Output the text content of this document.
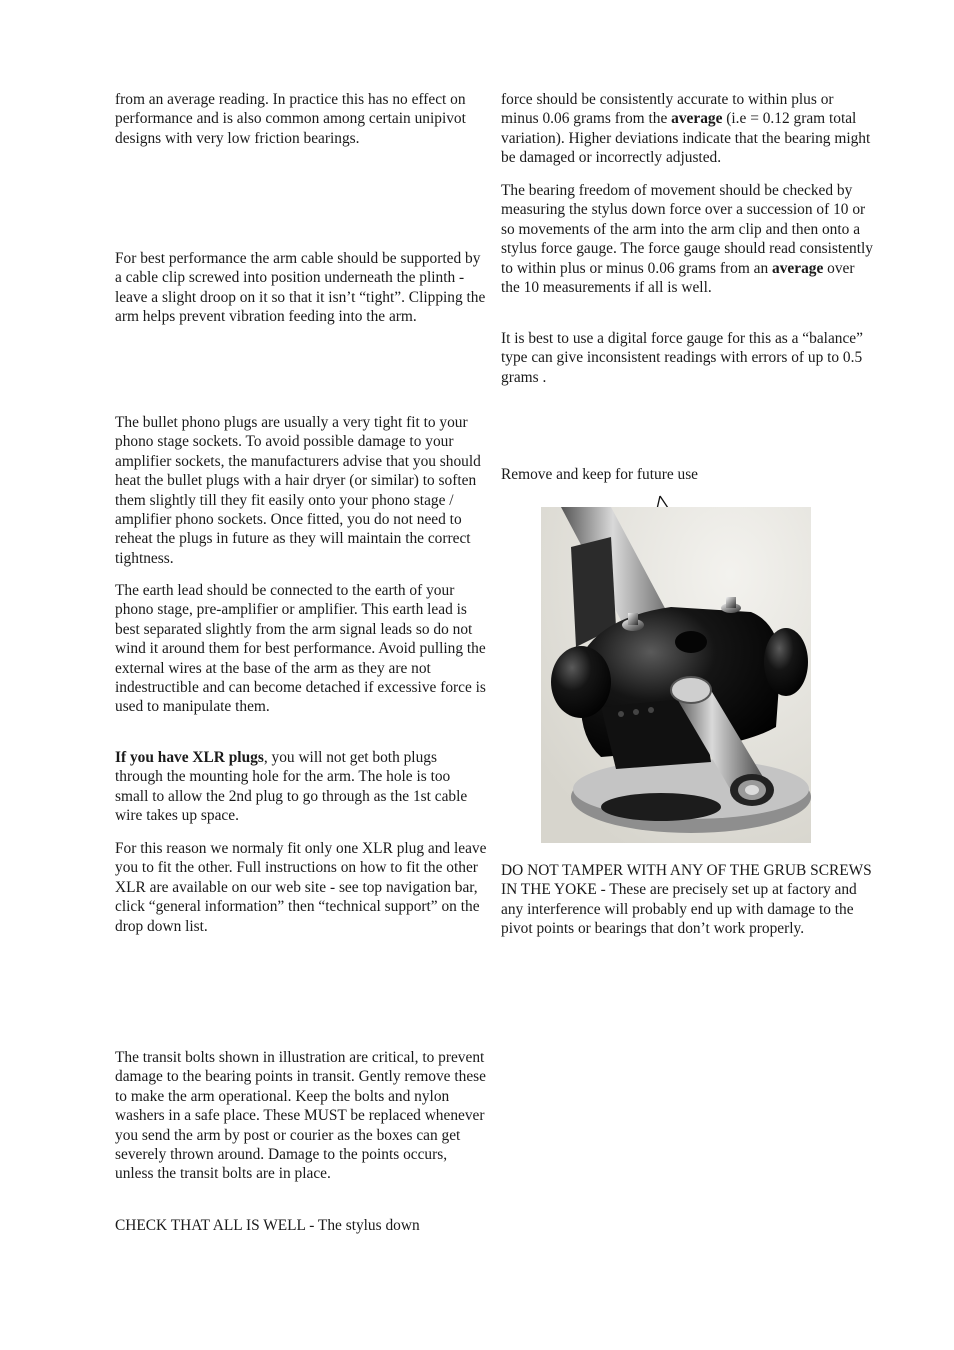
from an average reading. In practice this has no effect on performance and is also common among certain unipivot designs with very low friction bearings.

For best performance the arm cable should be supported by a cable clip screwed into position underneath the plinth - leave a slight droop on it so that it isn’t “tight”. Clipping the arm helps prevent vibration feeding into the arm.

The bullet phono plugs are usually a very tight fit to your phono stage sockets. To avoid possible damage to your amplifier sockets, the manufacturers advise that you should heat the bullet plugs with a hair dryer (or similar) to soften them slightly till they fit easily onto your phono stage / amplifier phono sockets. Once fitted, you do not need to reheat the plugs in future as they will maintain the correct tightness.

The earth lead should be connected to the earth of your phono stage, pre-amplifier or amplifier. This earth lead is best separated slightly from the arm signal leads so do not wind it around them for best performance. Avoid pulling the external wires at the base of the arm as they are not indestructible and can become detached if excessive force is used to manipulate them.

If you have XLR plugs, you will not get both plugs through the mounting hole for the arm. The hole is too small to allow the 2nd plug to go through as the 1st cable wire takes up space.

For this reason we normaly fit only one XLR plug and leave you to fit the other. Full instructions on how to fit the other XLR are available on our web site - see top navigation bar, click “general information” then “technical support” on the drop down list.

The transit bolts shown in illustration are critical, to prevent damage to the bearing points in transit. Gently remove these to make the arm operational. Keep the bolts and nylon washers in a safe place. These MUST be replaced whenever you send the arm by post or courier as the boxes can get severely thrown around. Damage to the points occurs, unless the transit bolts are in place.

CHECK THAT ALL IS WELL - The stylus down

force should be consistently accurate to within plus or minus 0.06 grams from the average (i.e = 0.12 gram total variation). Higher deviations indicate that the bearing might be damaged or incorrectly adjusted.

The bearing freedom of movement should be checked by measuring the stylus down force over a succession of 10 or so movements of the arm into the arm clip and then onto a stylus force gauge. The force gauge should read consistently to within plus or minus 0.06 grams from an average over the 10 measurements if all is well.

It is best to use a digital force gauge for this as a “balance” type can give inconsistent readings with errors of up to 0.5 grams .

Remove and keep for future use

DO NOT TAMPER WITH ANY OF THE GRUB SCREWS IN THE YOKE - These are precisely set up at factory and any interference will probably end up with damage to the pivot points or bearings that don’t work properly.
